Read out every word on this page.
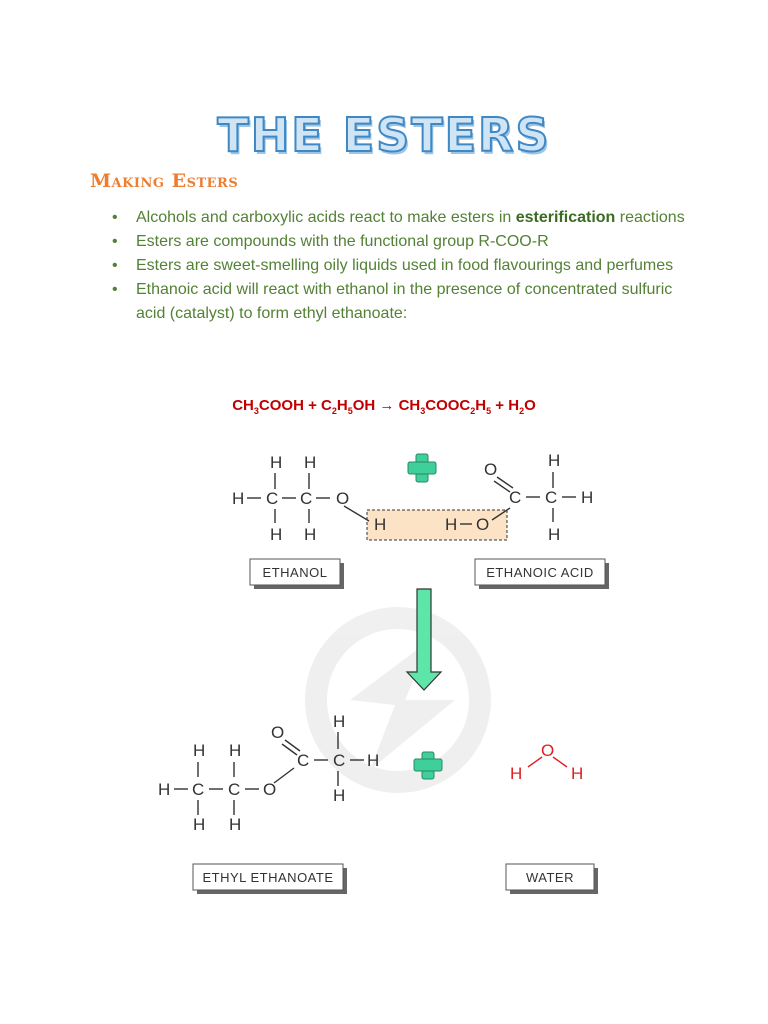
THE ESTERS
Making Esters
• Alcohols and carboxylic acids react to make esters in esterification reactions
• Esters are compounds with the functional group R-COO-R
• Esters are sweet-smelling oily liquids used in food flavourings and perfumes
• Ethanoic acid will react with ethanol in the presence of concentrated sulfuric acid (catalyst) to form ethyl ethanoate:
$CH_3COOH + C_2H_5OH$ → $CH_3COOC_2H_5 + H_2O$
H H
H C C O
H H
H
O	H
C C H
H
H O
ETHANOL	ETHANOIC ACID
H H
H C C O
H H
O
C
H
C H
H
O
H	H
ETHYL ETHANOATE	WATER
